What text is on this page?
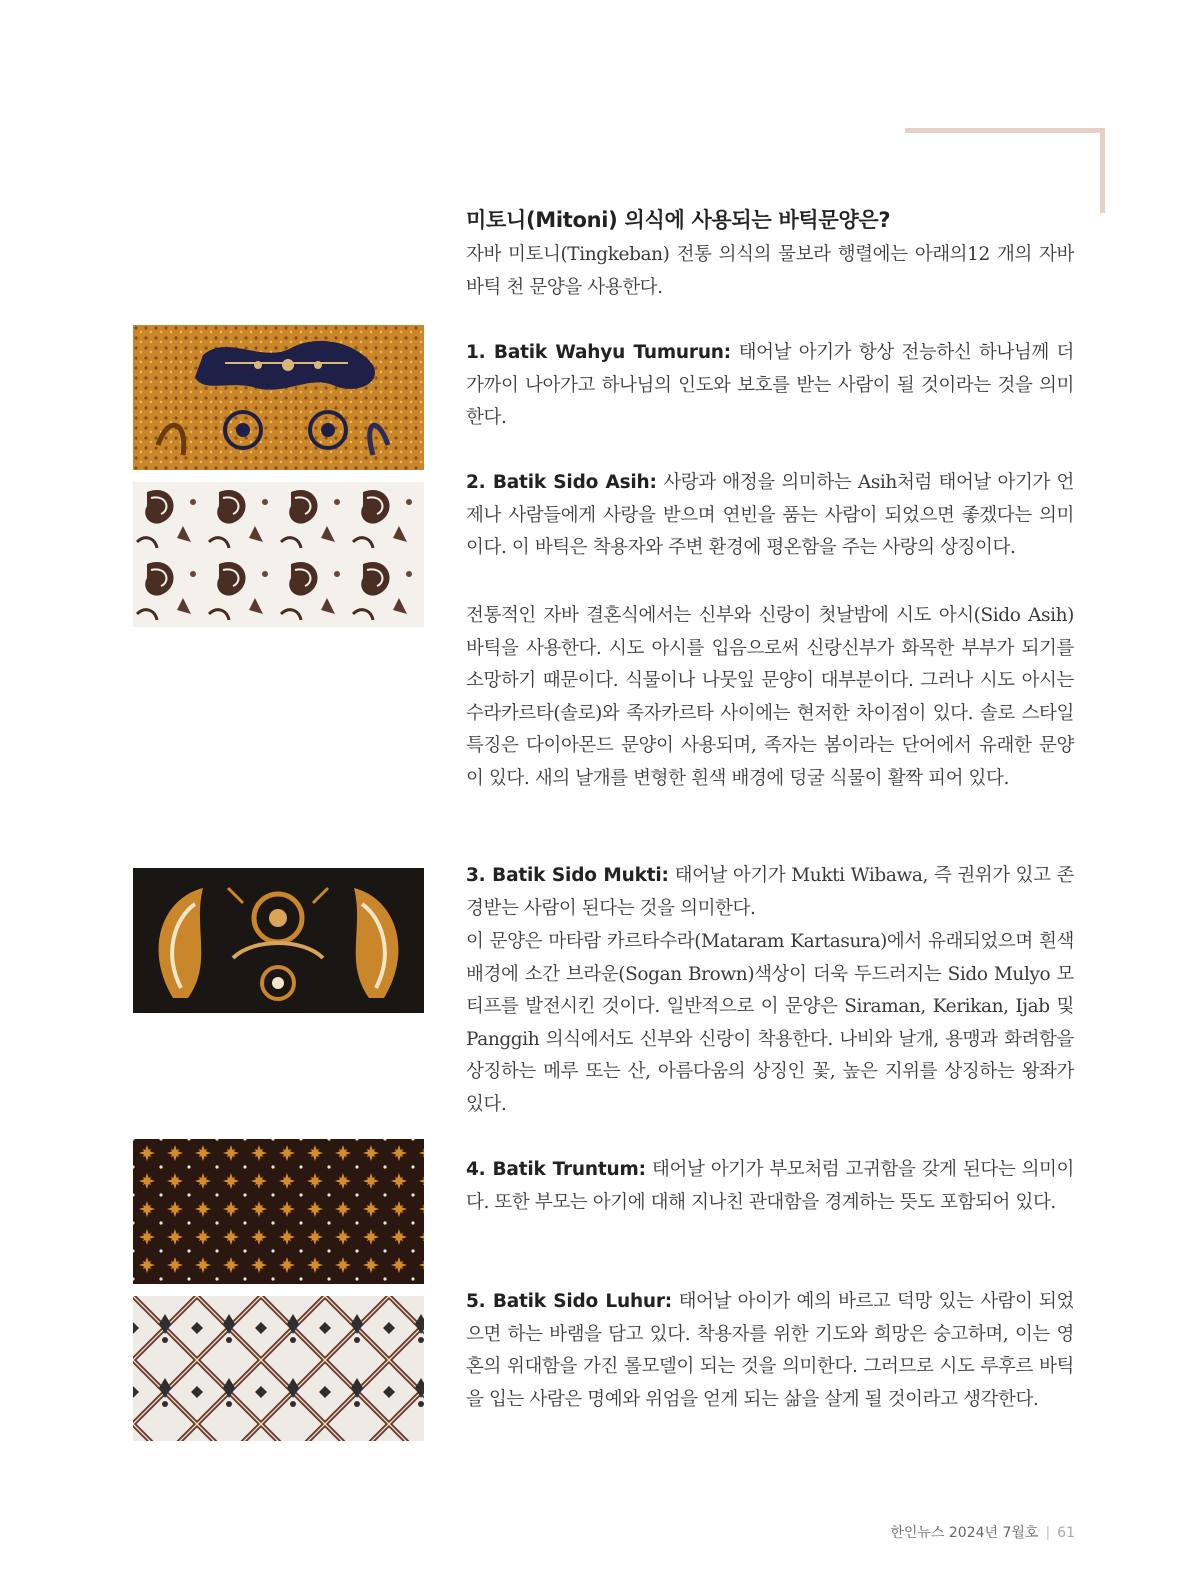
미토니(Mitoni) 의식에 사용되는 바틱문양은?

자바 미토니(Tingkeban) 전통 의식의 물보라 행렬에는 아래의12 개의 자바 바틱 천 문양을 사용한다.

1. Batik Wahyu Tumurun: 태어날 아기가 항상 전능하신 하나님께 더 가까이 나아가고 하나님의 인도와 보호를 받는 사람이 될 것이라는 것을 의미한다.

2. Batik Sido Asih: 사랑과 애정을 의미하는 Asih처럼 태어날 아기가 언제나 사람들에게 사랑을 받으며 연빈을 품는 사람이 되었으면 좋겠다는 의미이다. 이 바틱은 착용자와 주변 환경에 평온함을 주는 사랑의 상징이다.

전통적인 자바 결혼식에서는 신부와 신랑이 첫날밤에 시도 아시(Sido Asih) 바틱을 사용한다. 시도 아시를 입음으로써 신랑신부가 화목한 부부가 되기를 소망하기 때문이다. 식물이나 나뭇잎 문양이 대부분이다. 그러나 시도 아시는 수라카르타(솔로)와 족자카르타 사이에는 현저한 차이점이 있다. 솔로 스타일 특징은 다이아몬드 문양이 사용되며, 족자는 봄이라는 단어에서 유래한 문양이 있다. 새의 날개를 변형한 흰색 배경에 덩굴 식물이 활짝 피어 있다.

3. Batik Sido Mukti: 태어날 아기가 Mukti Wibawa, 즉 권위가 있고 존경받는 사람이 된다는 것을 의미한다.

이 문양은 마타람 카르타수라(Mataram Kartasura)에서 유래되었으며 흰색 배경에 소간 브라운(Sogan Brown)색상이 더욱 두드러지는 Sido Mulyo 모티프를 발전시킨 것이다. 일반적으로 이 문양은 Siraman, Kerikan, Ijab 및 Panggih 의식에서도 신부와 신랑이 착용한다. 나비와 날개, 용맹과 화려함을 상징하는 메루 또는 산, 아름다움의 상징인 꽃, 높은 지위를 상징하는 왕좌가 있다.

4. Batik Truntum: 태어날 아기가 부모처럼 고귀함을 갖게 된다는 의미이다. 또한 부모는 아기에 대해 지나친 관대함을 경계하는 뜻도 포함되어 있다.

5. Batik Sido Luhur: 태어날 아이가 예의 바르고 덕망 있는 사람이 되었으면 하는 바램을 담고 있다. 착용자를 위한 기도와 희망은 숭고하며, 이는 영혼의 위대함을 가진 롤모델이 되는 것을 의미한다. 그러므로 시도 루후르 바틱을 입는 사람은 명예와 위엄을 얻게 되는 삶을 살게 될 것이라고 생각한다.

한인뉴스 2024년 7월호 | 61
